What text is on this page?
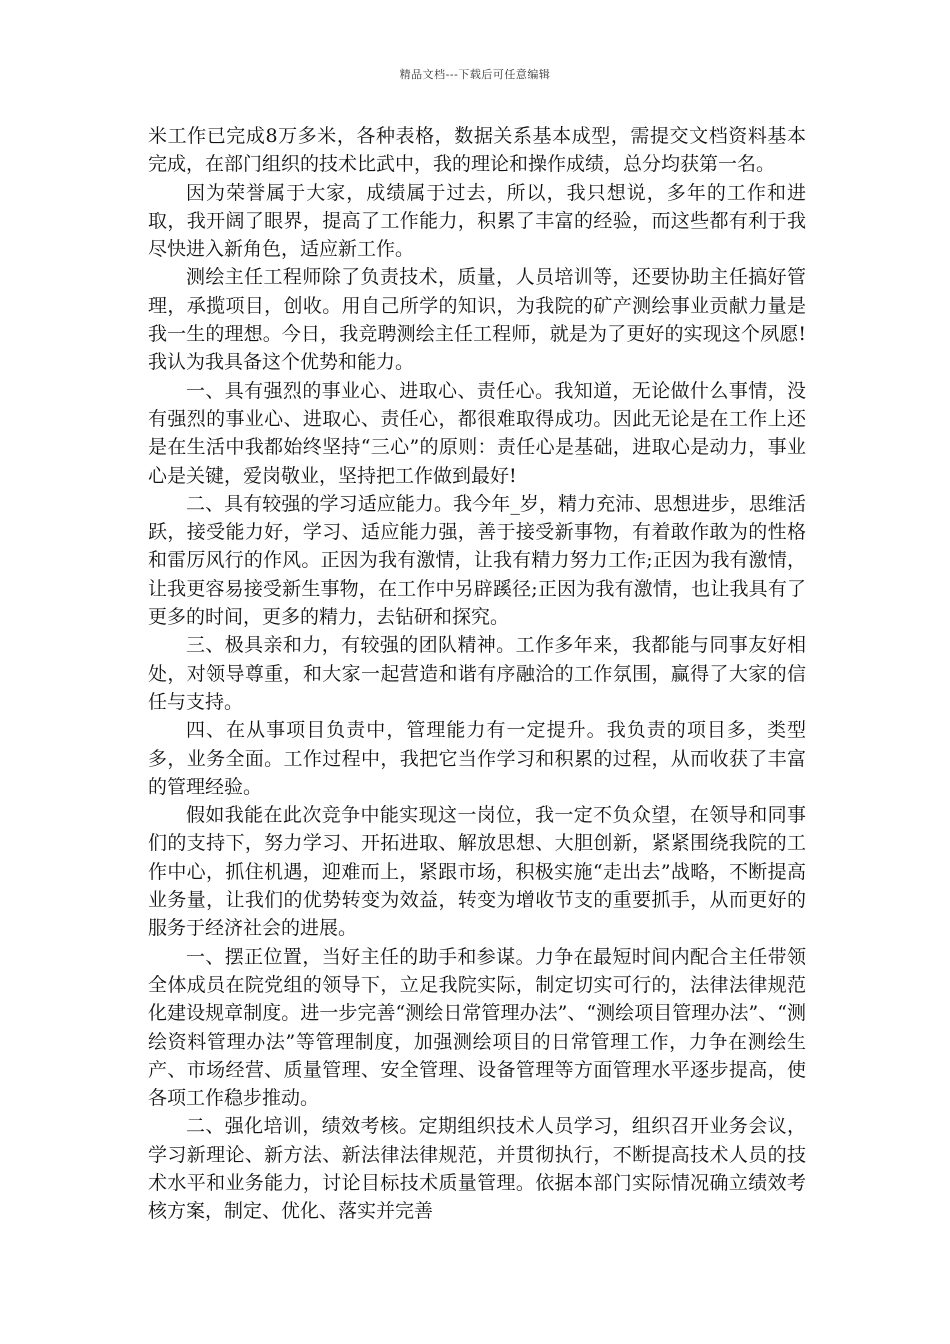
精品文档---下载后可任意编辑

米工作已完成8万多米，各种表格，数据关系基本成型，需提交文档资料基本完成，在部门组织的技术比武中，我的理论和操作成绩，总分均获第一名。

因为荣誉属于大家，成绩属于过去，所以，我只想说，多年的工作和进取，我开阔了眼界，提高了工作能力，积累了丰富的经验，而这些都有利于我尽快进入新角色，适应新工作。

测绘主任工程师除了负责技术，质量，人员培训等，还要协助主任搞好管理，承揽项目，创收。用自己所学的知识，为我院的矿产测绘事业贡献力量是我一生的理想。今日，我竞聘测绘主任工程师，就是为了更好的实现这个夙愿!我认为我具备这个优势和能力。

一、具有强烈的事业心、进取心、责任心。我知道，无论做什么事情，没有强烈的事业心、进取心、责任心，都很难取得成功。因此无论是在工作上还是在生活中我都始终坚持“三心”的原则：责任心是基础，进取心是动力，事业心是关键，爱岗敬业，坚持把工作做到最好!

二、具有较强的学习适应能力。我今年_岁，精力充沛、思想进步，思维活跃，接受能力好，学习、适应能力强，善于接受新事物，有着敢作敢为的性格和雷厉风行的作风。正因为我有激情，让我有精力努力工作;正因为我有激情，让我更容易接受新生事物，在工作中另辟蹊径;正因为我有激情，也让我具有了更多的时间，更多的精力，去钻研和探究。

三、极具亲和力，有较强的团队精神。工作多年来，我都能与同事友好相处，对领导尊重，和大家一起营造和谐有序融洽的工作氛围，赢得了大家的信任与支持。

四、在从事项目负责中，管理能力有一定提升。我负责的项目多，类型多，业务全面。工作过程中，我把它当作学习和积累的过程，从而收获了丰富的管理经验。

假如我能在此次竞争中能实现这一岗位，我一定不负众望，在领导和同事们的支持下，努力学习、开拓进取、解放思想、大胆创新，紧紧围绕我院的工作中心，抓住机遇，迎难而上，紧跟市场，积极实施“走出去”战略，不断提高业务量，让我们的优势转变为效益，转变为增收节支的重要抓手，从而更好的服务于经济社会的进展。

一、摆正位置，当好主任的助手和参谋。力争在最短时间内配合主任带领全体成员在院党组的领导下，立足我院实际，制定切实可行的，法律法律规范化建设规章制度。进一步完善“测绘日常管理办法”、“测绘项目管理办法”、“测绘资料管理办法”等管理制度，加强测绘项目的日常管理工作，力争在测绘生产、市场经营、质量管理、安全管理、设备管理等方面管理水平逐步提高，使各项工作稳步推动。

二、强化培训，绩效考核。定期组织技术人员学习，组织召开业务会议，学习新理论、新方法、新法律法律规范，并贯彻执行，不断提高技术人员的技术水平和业务能力，讨论目标技术质量管理。依据本部门实际情况确立绩效考核方案，制定、优化、落实并完善
